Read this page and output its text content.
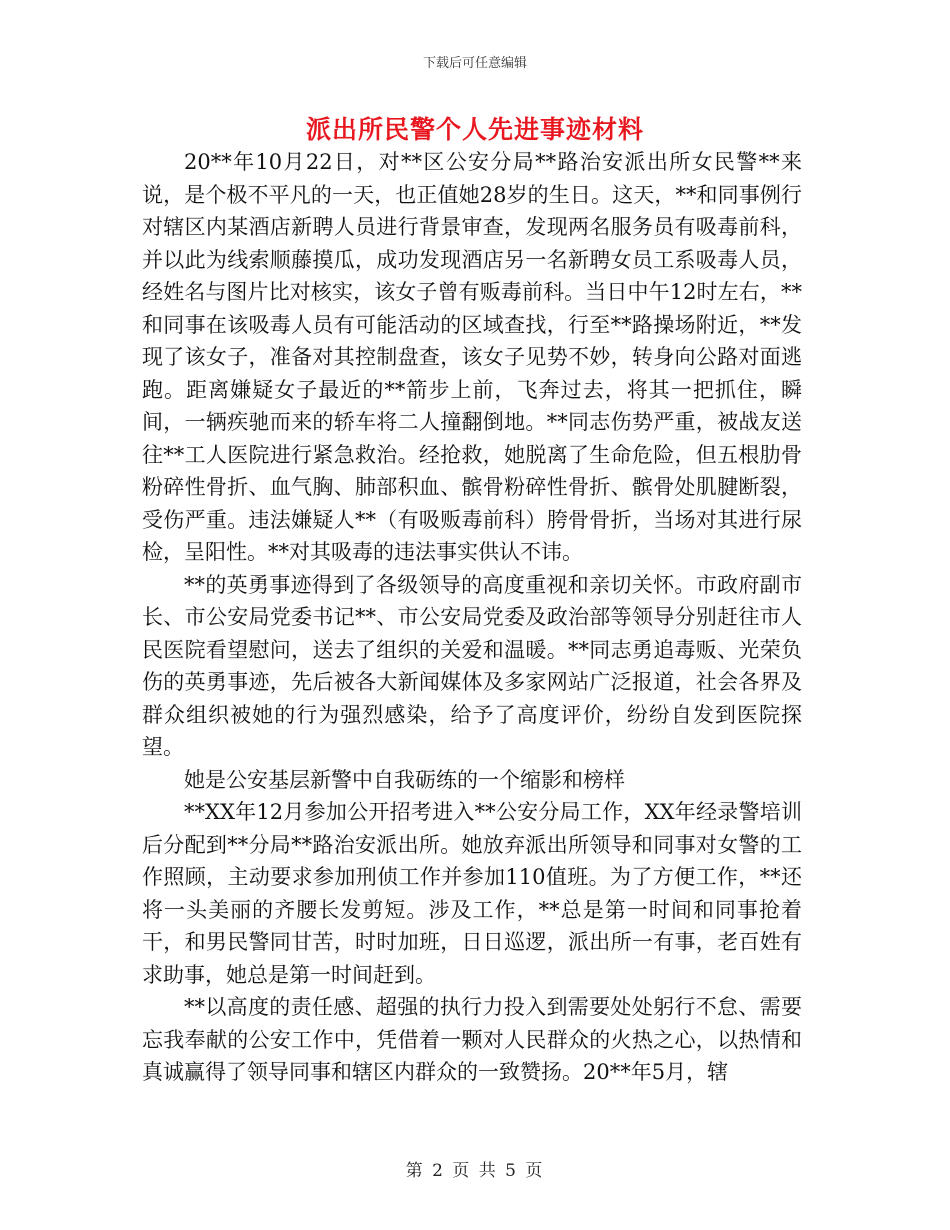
下载后可任意编辑
派出所民警个人先进事迹材料

20**年10月22日，对**区公安分局**路治安派出所女民警**来说，是个极不平凡的一天，也正值她28岁的生日。这天，**和同事例行对辖区内某酒店新聘人员进行背景审查，发现两名服务员有吸毒前科，并以此为线索顺藤摸瓜，成功发现酒店另一名新聘女员工系吸毒人员，经姓名与图片比对核实，该女子曾有贩毒前科。当日中午12时左右，**和同事在该吸毒人员有可能活动的区域查找，行至**路操场附近，**发现了该女子，准备对其控制盘查，该女子见势不妙，转身向公路对面逃跑。距离嫌疑女子最近的**箭步上前，飞奔过去，将其一把抓住，瞬间，一辆疾驰而来的轿车将二人撞翻倒地。**同志伤势严重，被战友送往**工人医院进行紧急救治。经抢救，她脱离了生命危险，但五根肋骨粉碎性骨折、血气胸、肺部积血、髌骨粉碎性骨折、髌骨处肌腱断裂，受伤严重。违法嫌疑人**（有吸贩毒前科）胯骨骨折，当场对其进行尿检，呈阳性。**对其吸毒的违法事实供认不讳。

**的英勇事迹得到了各级领导的高度重视和亲切关怀。市政府副市长、市公安局党委书记**、市公安局党委及政治部等领导分别赶往市人民医院看望慰问，送去了组织的关爱和温暖。**同志勇追毒贩、光荣负伤的英勇事迹，先后被各大新闻媒体及多家网站广泛报道，社会各界及群众组织被她的行为强烈感染，给予了高度评价，纷纷自发到医院探望。

她是公安基层新警中自我砺练的一个缩影和榜样

**XX年12月参加公开招考进入**公安分局工作，XX年经录警培训后分配到**分局**路治安派出所。她放弃派出所领导和同事对女警的工作照顾，主动要求参加刑侦工作并参加110值班。为了方便工作，**还将一头美丽的齐腰长发剪短。涉及工作，**总是第一时间和同事抢着干，和男民警同甘苦，时时加班，日日巡逻，派出所一有事，老百姓有求助事，她总是第一时间赶到。

**以高度的责任感、超强的执行力投入到需要处处躬行不怠、需要忘我奉献的公安工作中，凭借着一颗对人民群众的火热之心，以热情和真诚赢得了领导同事和辖区内群众的一致赞扬。20**年5月，辖

第 2 页 共 5 页
